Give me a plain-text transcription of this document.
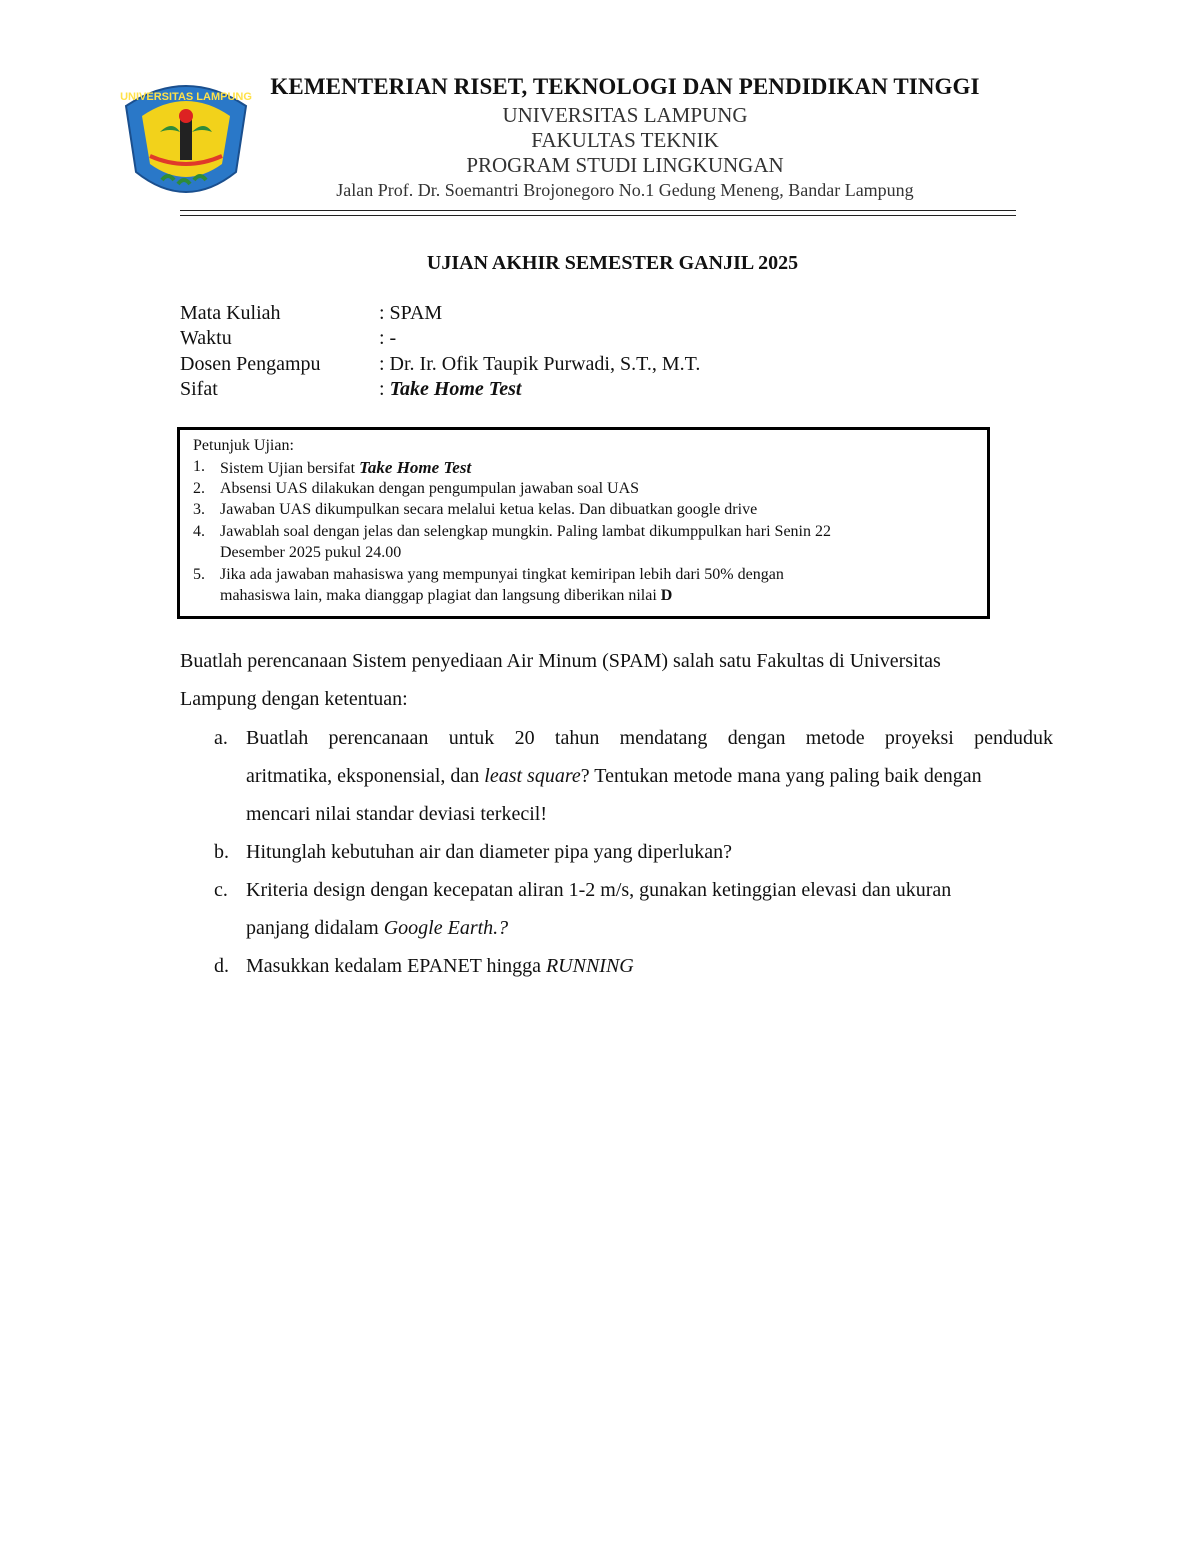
UNIVERSITAS LAMPUNG KEMENTERIAN RISET, TEKNOLOGI DAN PENDIDIKAN TINGGI
UNIVERSITAS LAMPUNG
FAKULTAS TEKNIK
PROGRAM STUDI LINGKUNGAN
Jalan Prof. Dr. Soemantri Brojonegoro No.1 Gedung Meneng, Bandar Lampung
UJIAN AKHIR SEMESTER GANJIL 2025
Mata Kuliah	: SPAM
Waktu	: -
Dosen Pengampu	: Dr. Ir. Ofik Taupik Purwadi, S.T., M.T.
Sifat	: Take Home Test
Petunjuk Ujian:
1. Sistem Ujian bersifat Take Home Test
2. Absensi UAS dilakukan dengan pengumpulan jawaban soal UAS
3. Jawaban UAS dikumpulkan secara melalui ketua kelas. Dan dibuatkan google drive
4. Jawablah soal dengan jelas dan selengkap mungkin. Paling lambat dikumppulkan hari Senin 22
Desember 2025 pukul 24.00
5. Jika ada jawaban mahasiswa yang mempunyai tingkat kemiripan lebih dari 50% dengan
mahasiswa lain, maka dianggap plagiat dan langsung diberikan nilai D
Buatlah perencanaan Sistem penyediaan Air Minum (SPAM) salah satu Fakultas di Universitas
Lampung dengan ketentuan:
a. Buatlah perencanaan untuk 20 tahun mendatang dengan metode proyeksi penduduk
aritmatika, eksponensial, dan least square? Tentukan metode mana yang paling baik dengan
mencari nilai standar deviasi terkecil!
b. Hitunglah kebutuhan air dan diameter pipa yang diperlukan?
c. Kriteria design dengan kecepatan aliran 1-2 m/s, gunakan ketinggian elevasi dan ukuran
panjang didalam Google Earth.?
d. Masukkan kedalam EPANET hingga RUNNING
